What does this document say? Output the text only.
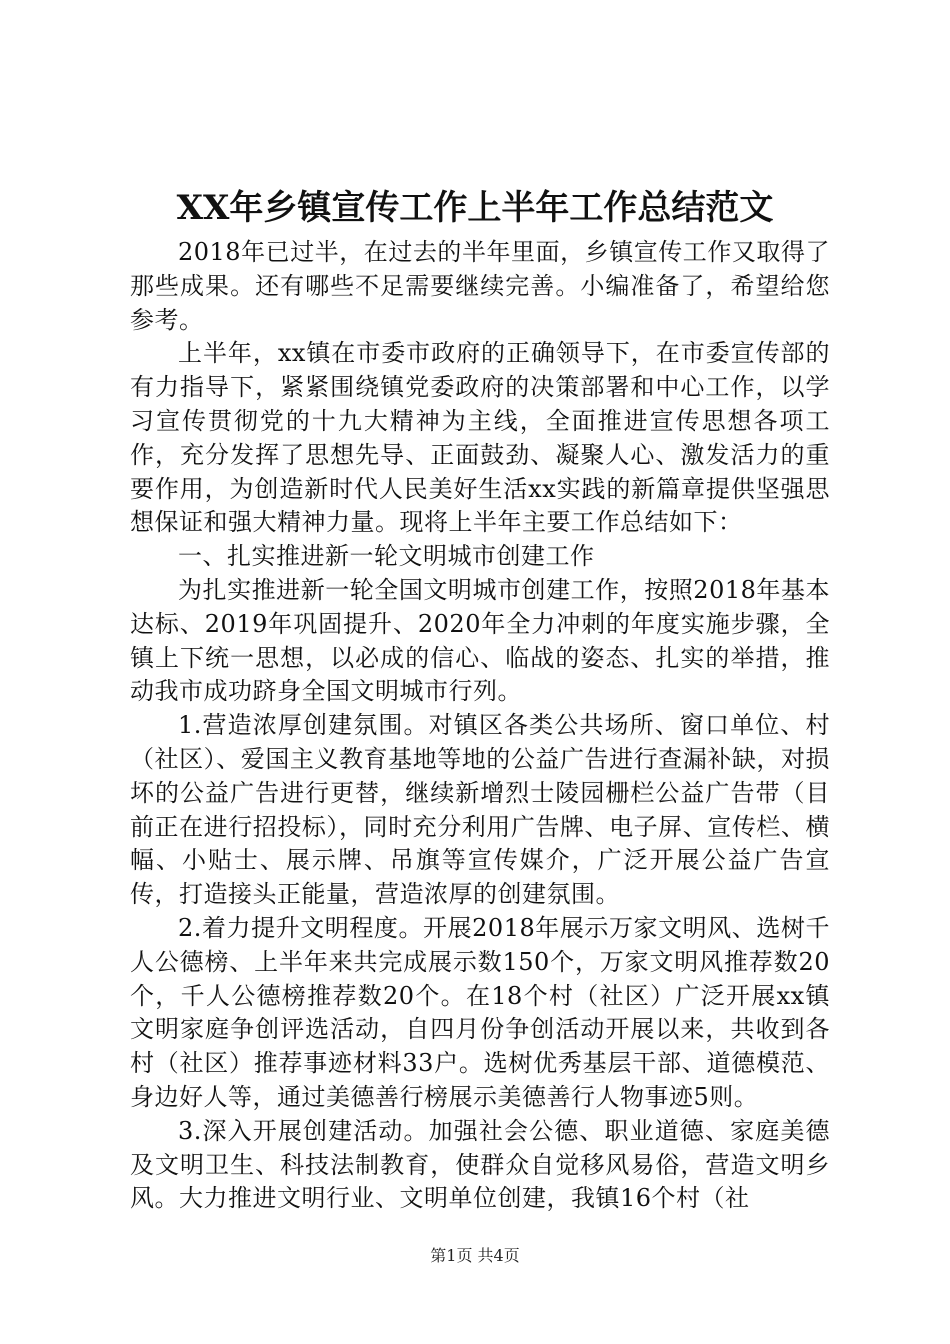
XX年乡镇宣传工作上半年工作总结范文

2018年已过半，在过去的半年里面，乡镇宣传工作又取得了那些成果。还有哪些不足需要继续完善。小编准备了，希望给您参考。

上半年，xx镇在市委市政府的正确领导下，在市委宣传部的有力指导下，紧紧围绕镇党委政府的决策部署和中心工作，以学习宣传贯彻党的十九大精神为主线，全面推进宣传思想各项工作，充分发挥了思想先导、正面鼓劲、凝聚人心、激发活力的重要作用，为创造新时代人民美好生活xx实践的新篇章提供坚强思想保证和强大精神力量。现将上半年主要工作总结如下：

一、扎实推进新一轮文明城市创建工作

为扎实推进新一轮全国文明城市创建工作，按照2018年基本达标、2019年巩固提升、2020年全力冲刺的年度实施步骤，全镇上下统一思想，以必成的信心、临战的姿态、扎实的举措，推动我市成功跻身全国文明城市行列。

1.营造浓厚创建氛围。对镇区各类公共场所、窗口单位、村（社区）、爱国主义教育基地等地的公益广告进行查漏补缺，对损坏的公益广告进行更替，继续新增烈士陵园栅栏公益广告带（目前正在进行招投标），同时充分利用广告牌、电子屏、宣传栏、横幅、小贴士、展示牌、吊旗等宣传媒介，广泛开展公益广告宣传，打造接头正能量，营造浓厚的创建氛围。

2.着力提升文明程度。开展2018年展示万家文明风、选树千人公德榜、上半年来共完成展示数150个，万家文明风推荐数20个，千人公德榜推荐数20个。在18个村（社区）广泛开展xx镇文明家庭争创评选活动，自四月份争创活动开展以来，共收到各村（社区）推荐事迹材料33户。选树优秀基层干部、道德模范、身边好人等，通过美德善行榜展示美德善行人物事迹5则。

3.深入开展创建活动。加强社会公德、职业道德、家庭美德及文明卫生、科技法制教育，使群众自觉移风易俗，营造文明乡风。大力推进文明行业、文明单位创建，我镇16个村（社

第1页 共4页
